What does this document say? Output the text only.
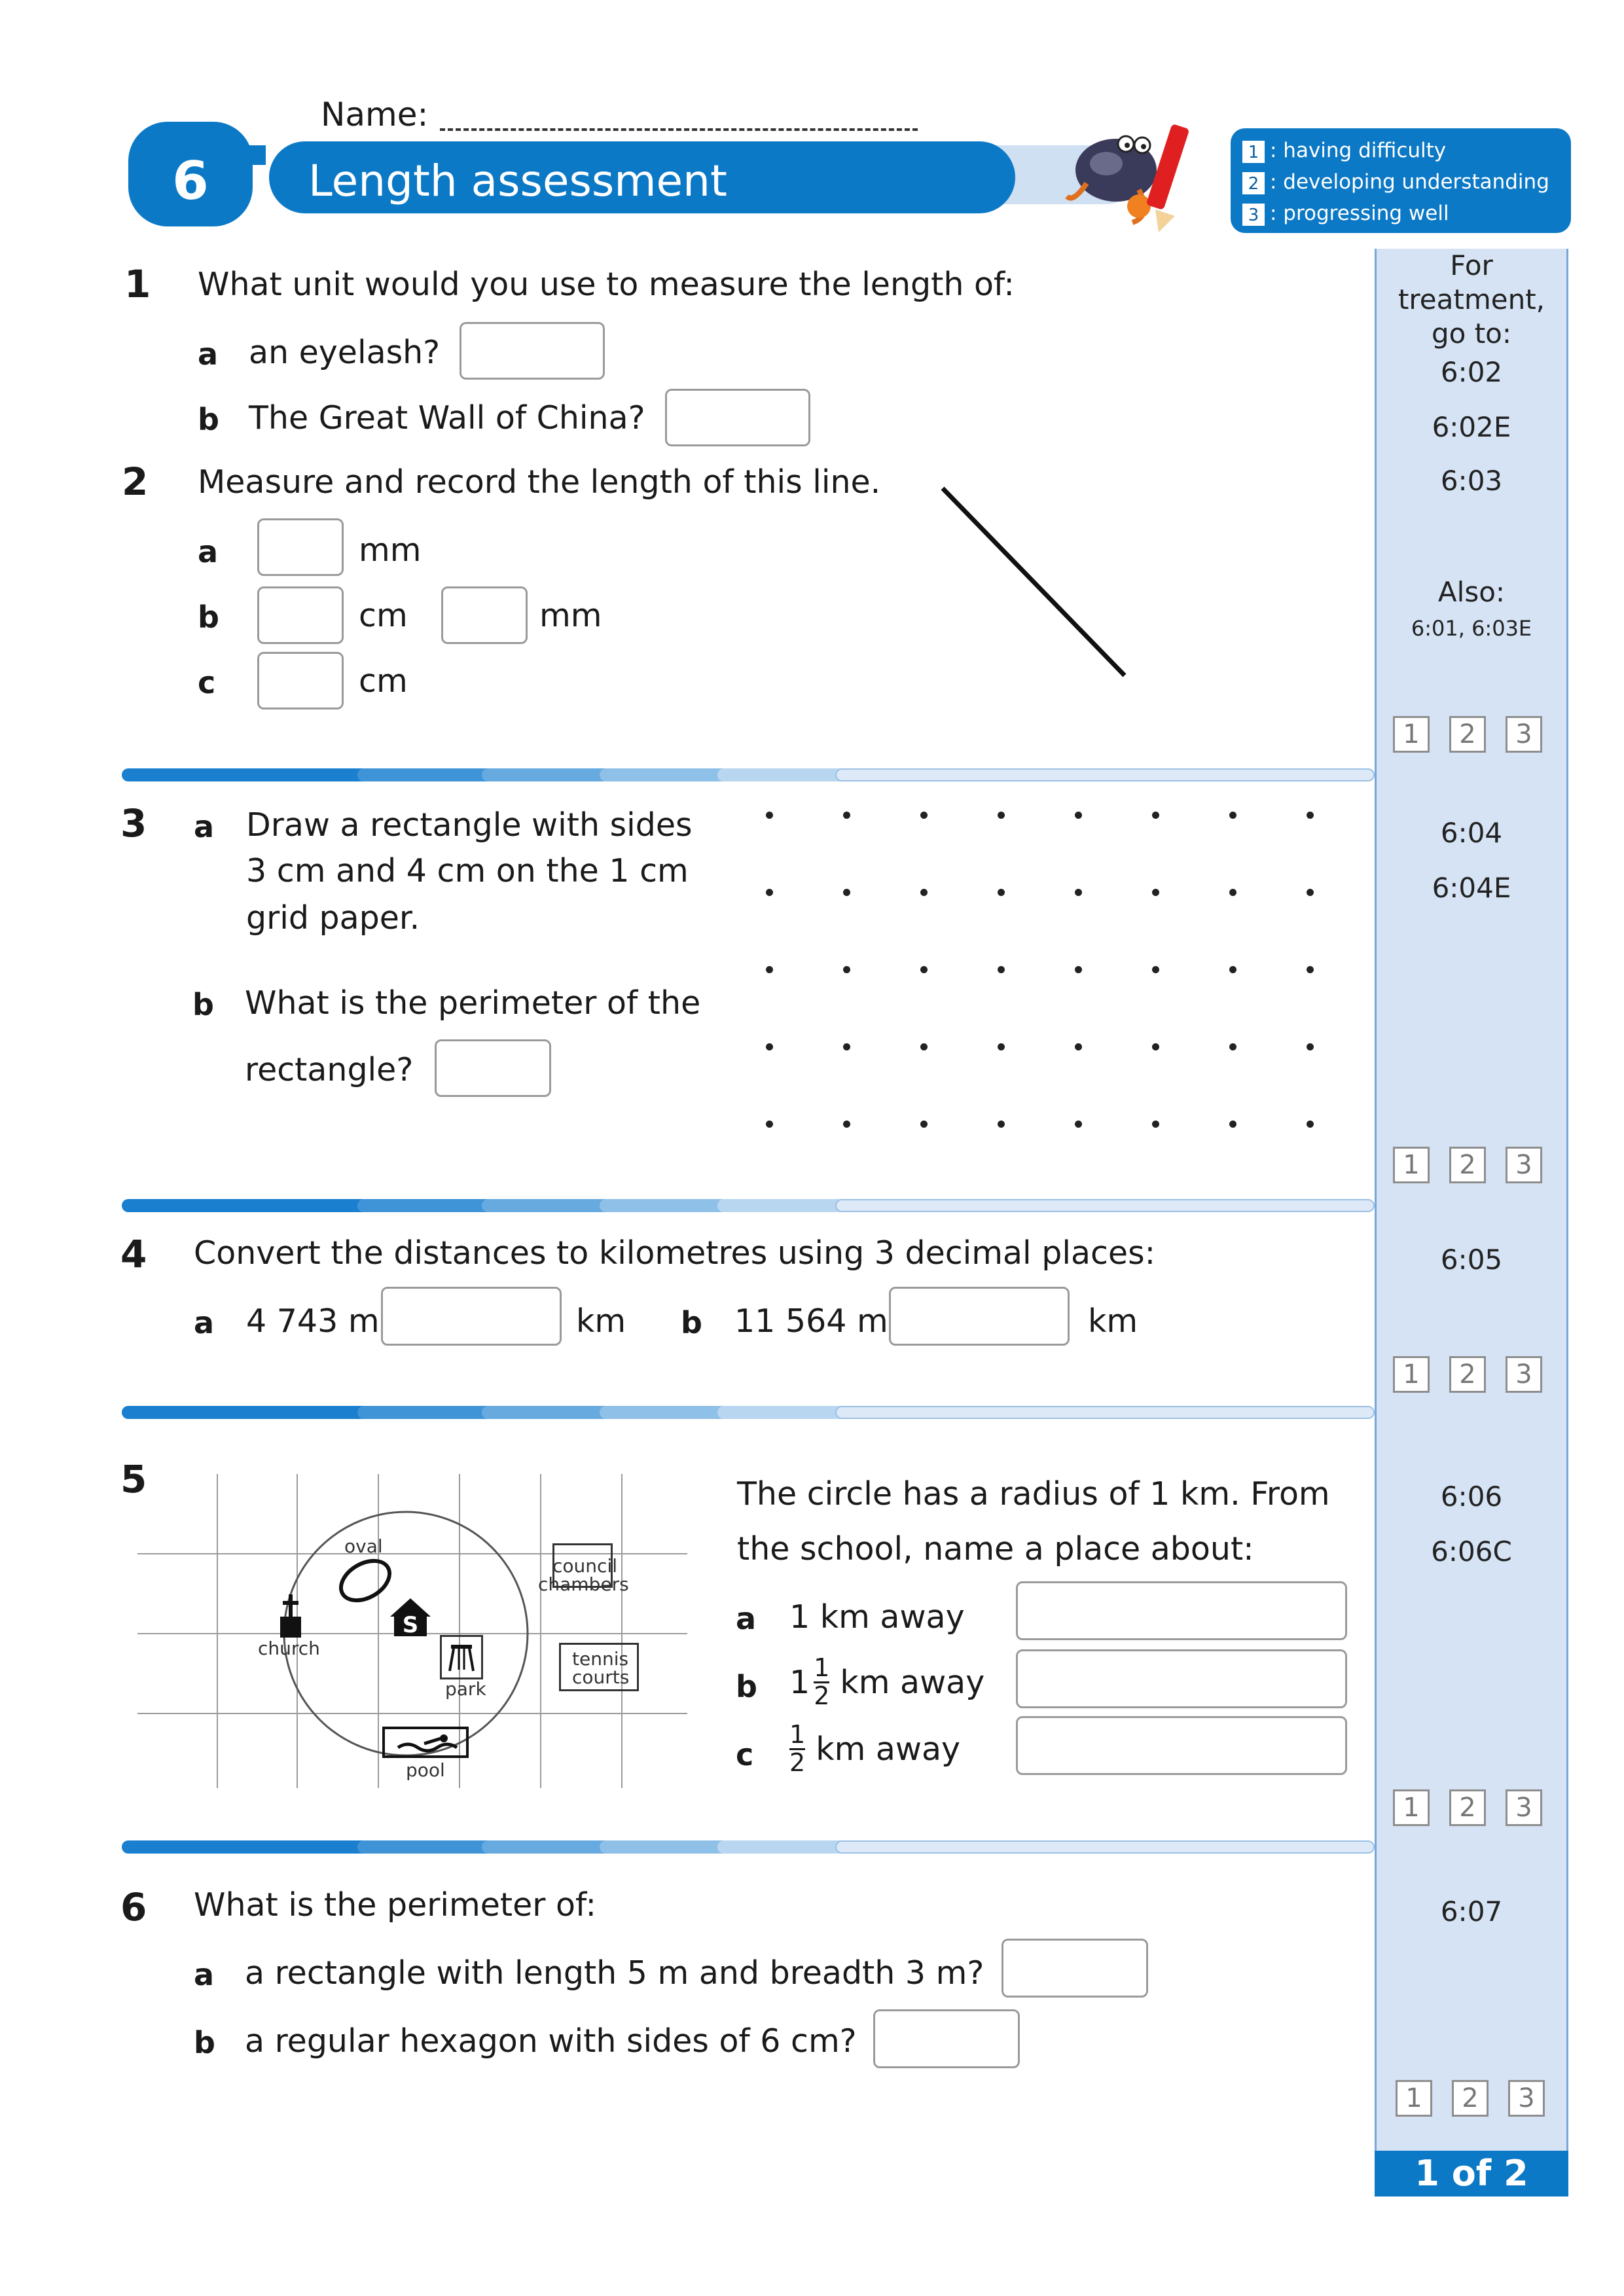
Name:
6	Length assessment
1 : having difficulty
2 : developing understanding
3 : progressing well
For treatment, go to:
6:02
6:02E
6:03
Also:
6:01, 6:03E
6:04
6:04E
6:05
6:06
6:06C
6:07
1	2	3
1	2	3
1	2	3
1	2	3
1	2	3
1 of 2
1 What unit would you use to measure the length of:
a an eyelash?
b The Great Wall of China?
2 Measure and record the length of this line.
a	mm
b	cm	mm
c	cm
3 a Draw a rectangle with sides
3 cm and 4 cm on the 1 cm
grid paper.
b What is the perimeter of the
rectangle?
4 Convert the distances to kilometres using 3 decimal places:
a 4 743 m	km b 11 564 m	km
5
oval
council
chambers
church
S
park
tennis
courts
pool
The circle has a radius of 1 km. From
the school, name a place about:
a 1 km away
b $1 \frac{1}{2}$ km away
c $\frac{1}{2}$ km away
6 What is the perimeter of:
a a rectangle with length 5 m and breadth 3 m?
b a regular hexagon with sides of 6 cm?
